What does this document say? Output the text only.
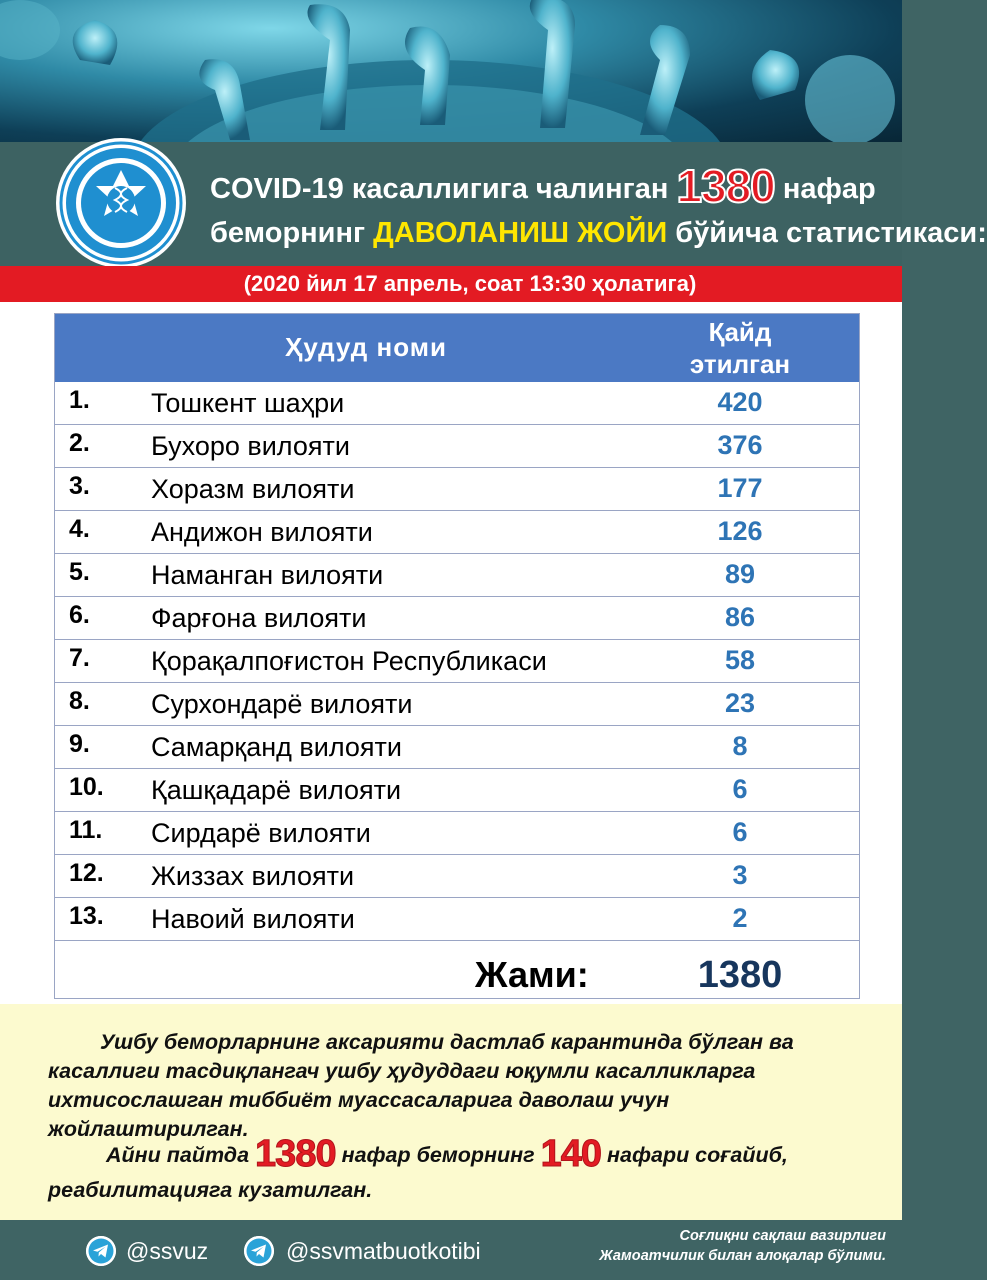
COVID-19 касаллигига чалинган 1380 нафар
беморнинг ДАВОЛАНИШ ЖОЙИ бўйича статистикаси:
(2020 йил 17 апрель, соат 13:30 ҳолатига)
Ҳудуд номи	Қайд
этилган
1. Тошкент шаҳри	420
2. Бухоро вилояти	376
3. Хоразм вилояти	177
4. Андижон вилояти	126
5. Наманган вилояти	89
6. Фарғона вилояти	86
7. Қорақалпоғистон Республикаси	58
8. Сурхондарё вилояти	23
9. Самарқанд вилояти	8
10. Қашқадарё вилояти	6
11. Сирдарё вилояти	6
12. Жиззах вилояти	3
13. Навоий вилояти	2
Жами:	1380

Ушбу беморларнинг аксарияти дастлаб карантинда бўлган ва

касаллиги тасдиқлангач ушбу ҳудуддаги юқумли касалликларга

ихтисослашган тиббиёт муассасаларига даволаш учун

жойлаштирилган.

Айни пайтда 1380 нафар беморнинг 140 нафари соғайиб,

реабилитацияга кузатилган.

@ssvuz	@ssvmatbuotkotibi
Соғлиқни сақлаш вазирлиги
Жамоатчилик билан алоқалар бўлими.
